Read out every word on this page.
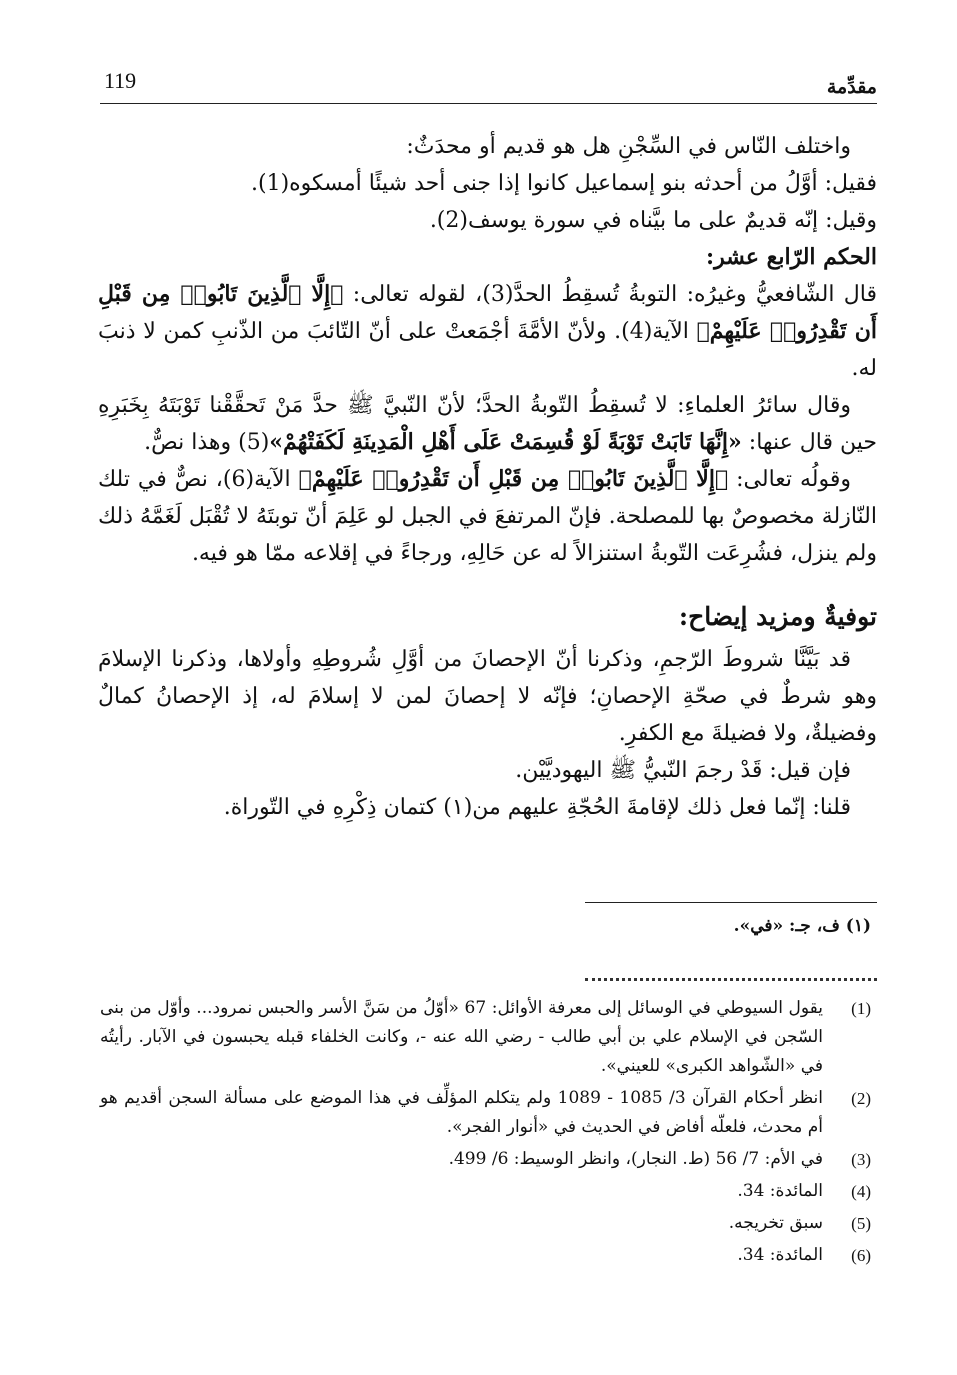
119	مقدِّمة

واختلف النّاس في السِّجْنِ هل هو قديم أو محدَثٌ:

فقيل: أوَّلُ من أحدثه بنو إسماعيل كانوا إذا جنى أحد شيئًا أمسكوه(1).

وقيل: إنّه قديمٌ على ما بيَّناه في سورة يوسف(2).

الحكم الرّابع عشر:

قال الشّافعيُّ وغيرُه: التوبةُ تُسقِطُ الحدَّ(3)، لقوله تعالى: ﴿إِلَّا ٱلَّذِينَ تَابُوا۟ مِن قَبْلِ أَن تَقْدِرُوا۟ عَلَيْهِمْ﴾ الآية(4). ولأنّ الأمَّةَ أجْمَعتْ على أنّ التّائبَ من الذّنبِ كمن لا ذنبَ له.

وقال سائرُ العلماءِ: لا تُسقِطُ التّوبةُ الحدَّ؛ لأنّ النّبيَّ ﷺ حدَّ مَنْ تَحقَّقْنا تَوْبَتَهُ بِخَبَرِهِ حين قال عنها: «إِنَّهَا تَابَتْ تَوْبَةً لَوْ قُسِمَتْ عَلَى أَهْلِ الْمَدِينَةِ لَكَفَتْهُمْ»(5) وهذا نصٌّ.

وقولُه تعالى: ﴿إِلَّا ٱلَّذِينَ تَابُوا۟ مِن قَبْلِ أَن تَقْدِرُوا۟ عَلَيْهِمْ﴾ الآية(6)، نصٌّ في تلك النّازلة مخصوصٌ بها للمصلحة. فإنّ المرتفعَ في الجبل لو عَلِمَ أنّ توبتَهُ لا تُقْبَل لَغَمَّهُ ذلك ولم ينزل، فشُرِعَت التّوبةُ استنزالاً له عن حَالِهِ، ورجاءً في إقلاعه ممّا هو فيه.

توفيةٌ ومزيد إيضاح:

قد بَيَّنَّا شروطَ الرّجمِ، وذكرنا أنّ الإحصانَ من أوَّلِ شُروطِهِ وأولاها، وذكرنا الإسلامَ وهو شرطٌ في صحّةِ الإحصانِ؛ فإنّه لا إحصانَ لمن لا إسلامَ له، إذ الإحصانُ كمالٌ وفضيلةٌ، ولا فضيلةَ مع الكفرِ.

فإن قيل: قَدْ رجمَ النّبيُّ ﷺ اليهوديَّيْن.

قلنا: إنّما فعل ذلك لإقامةَ الحُجّةِ عليهم من(١) كتمان ذِكْرِهِ في التّوراة.

(١) ف، جـ: «في».
(1)
يقول السيوطي في الوسائل إلى معرفة الأوائل: 67 «أوّلُ من سَنَّ الأسر والحبس نمرود... وأوّل من بنى السّجن في الإسلام علي بن أبي طالب - رضي الله عنه -، وكانت الخلفاء قبله يحبسون في الآبار. رأيتُه في «الشّواهد الكبرى» للعيني».
(2)
انظر أحكام القرآن 3/ 1085 - 1089 ولم يتكلم المؤلِّف في هذا الموضع على مسألة السجن أقديم هو أم محدث، فلعلّه أفاض في الحديث في «أنوار الفجر».
(3)
في الأم: 7/ 56 (ط. النجار)، وانظر الوسيط: 6/ 499.
(4)
المائدة: 34.
(5)
سبق تخريجه.
(6)
المائدة: 34.
